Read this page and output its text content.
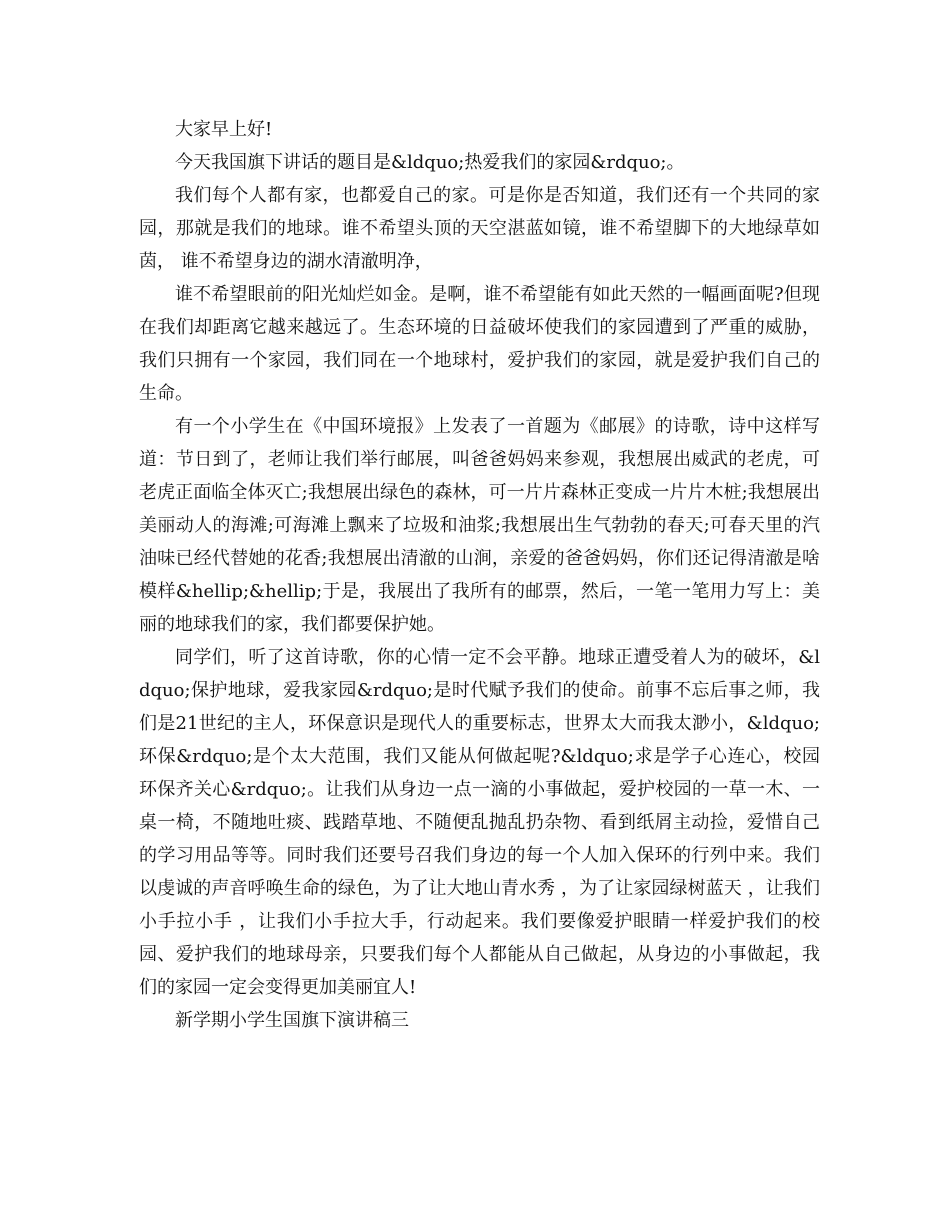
大家早上好!

今天我国旗下讲话的题目是&ldquo;热爱我们的家园&rdquo;。

我们每个人都有家，也都爱自己的家。可是你是否知道，我们还有一个共同的家园，那就是我们的地球。谁不希望头顶的天空湛蓝如镜，谁不希望脚下的大地绿草如茵， 谁不希望身边的湖水清澈明净，

谁不希望眼前的阳光灿烂如金。是啊，谁不希望能有如此天然的一幅画面呢?但现在我们却距离它越来越远了。生态环境的日益破坏使我们的家园遭到了严重的威胁，我们只拥有一个家园，我们同在一个地球村，爱护我们的家园，就是爱护我们自己的生命。

有一个小学生在《中国环境报》上发表了一首题为《邮展》的诗歌，诗中这样写道：节日到了，老师让我们举行邮展，叫爸爸妈妈来参观，我想展出威武的老虎，可老虎正面临全体灭亡;我想展出绿色的森林，可一片片森林正变成一片片木桩;我想展出美丽动人的海滩;可海滩上飘来了垃圾和油浆;我想展出生气勃勃的春天;可春天里的汽油味已经代替她的花香;我想展出清澈的山涧，亲爱的爸爸妈妈，你们还记得清澈是啥模样&hellip;&hellip;于是，我展出了我所有的邮票，然后，一笔一笔用力写上：美丽的地球我们的家，我们都要保护她。

同学们，听了这首诗歌，你的心情一定不会平静。地球正遭受着人为的破坏，&ldquo;保护地球，爱我家园&rdquo;是时代赋予我们的使命。前事不忘后事之师，我们是21世纪的主人，环保意识是现代人的重要标志，世界太大而我太渺小，&ldquo;环保&rdquo;是个太大范围，我们又能从何做起呢?&ldquo;求是学子心连心，校园环保齐关心&rdquo;。让我们从身边一点一滴的小事做起，爱护校园的一草一木、一桌一椅，不随地吐痰、践踏草地、不随便乱抛乱扔杂物、看到纸屑主动捡，爱惜自己的学习用品等等。同时我们还要号召我们身边的每一个人加入保环的行列中来。我们以虔诚的声音呼唤生命的绿色，为了让大地山青水秀 ，为了让家园绿树蓝天 ，让我们小手拉小手 ，让我们小手拉大手，行动起来。我们要像爱护眼睛一样爱护我们的校园、爱护我们的地球母亲，只要我们每个人都能从自己做起，从身边的小事做起，我们的家园一定会变得更加美丽宜人!

新学期小学生国旗下演讲稿三
